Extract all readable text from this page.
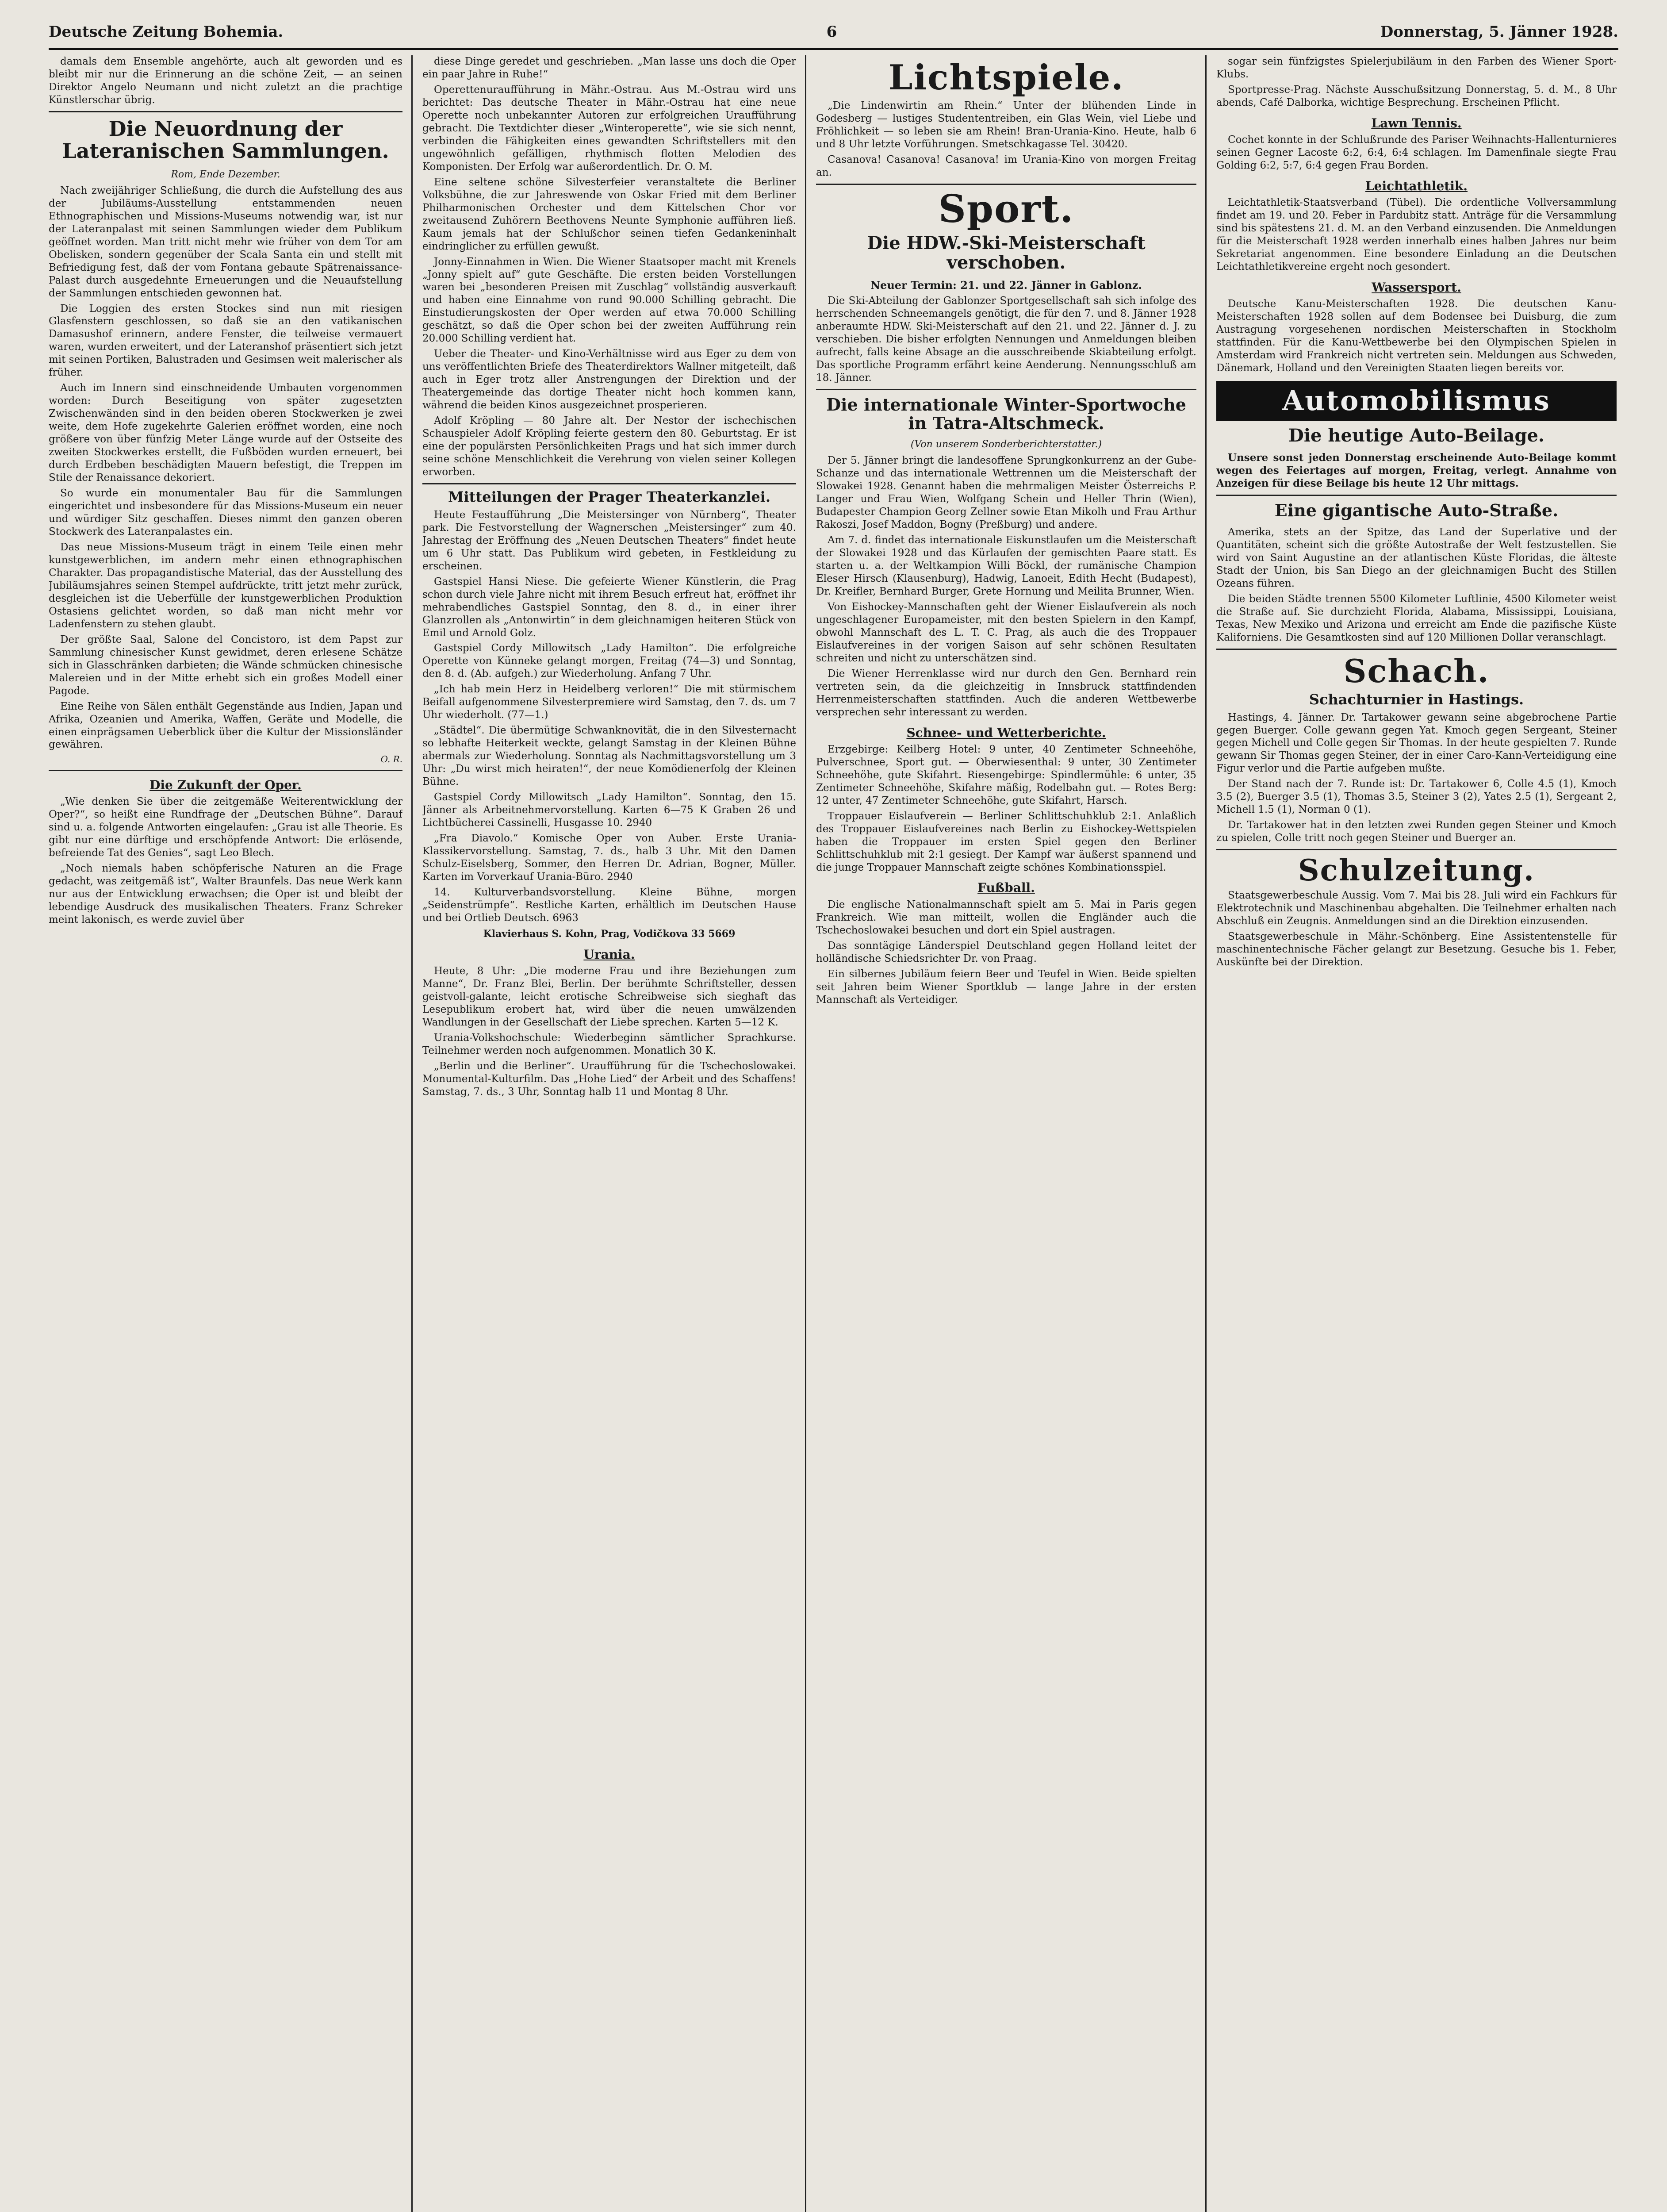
Deutsche Zeitung Bohemia.	6	Donnerstag, 5. Jänner 1928.

damals dem Ensemble angehörte, auch alt geworden und es bleibt mir nur die Erinnerung an die schöne Zeit, — an seinen Direktor Angelo Neumann und nicht zuletzt an die prachtige Künstlerschar übrig.

Die Neuordnung der Lateranischen Sammlungen.
Rom, Ende Dezember.

Nach zweijähriger Schließung, die durch die Aufstellung des aus der Jubiläums-Ausstellung entstammenden neuen Ethnographischen und Missions-Museums notwendig war, ist nur der Lateranpalast mit seinen Sammlungen wieder dem Publikum geöffnet worden. Man tritt nicht mehr wie früher von dem Tor am Obelisken, sondern gegenüber der Scala Santa ein und stellt mit Befriedigung fest, daß der vom Fontana gebaute Spätrenaissance-Palast durch ausgedehnte Erneuerungen und die Neuaufstellung der Sammlungen entschieden gewonnen hat.

Die Loggien des ersten Stockes sind nun mit riesigen Glasfenstern geschlossen, so daß sie an den vatikanischen Damasushof erinnern, andere Fenster, die teilweise vermauert waren, wurden erweitert, und der Lateranshof präsentiert sich jetzt mit seinen Portiken, Balustraden und Gesimsen weit malerischer als früher.

Auch im Innern sind einschneidende Umbauten vorgenommen worden: Durch Beseitigung von später zugesetzten Zwischenwänden sind in den beiden oberen Stockwerken je zwei weite, dem Hofe zugekehrte Galerien eröffnet worden, eine noch größere von über fünfzig Meter Länge wurde auf der Ostseite des zweiten Stockwerkes erstellt, die Fußböden wurden erneuert, bei durch Erdbeben beschädigten Mauern befestigt, die Treppen im Stile der Renaissance dekoriert.

So wurde ein monumentaler Bau für die Sammlungen eingerichtet und insbesondere für das Missions-Museum ein neuer und würdiger Sitz geschaffen. Dieses nimmt den ganzen oberen Stockwerk des Lateranpalastes ein.

Das neue Missions-Museum trägt in einem Teile einen mehr kunstgewerblichen, im andern mehr einen ethnographischen Charakter. Das propagandistische Material, das der Ausstellung des Jubiläumsjahres seinen Stempel aufdrückte, tritt jetzt mehr zurück, desgleichen ist die Ueberfülle der kunstgewerblichen Produktion Ostasiens gelichtet worden, so daß man nicht mehr vor Ladenfenstern zu stehen glaubt.

Der größte Saal, Salone del Concistoro, ist dem Papst zur Sammlung chinesischer Kunst gewidmet, deren erlesene Schätze sich in Glasschränken darbieten; die Wände schmücken chinesische Malereien und in der Mitte erhebt sich ein großes Modell einer Pagode.

Eine Reihe von Sälen enthält Gegenstände aus Indien, Japan und Afrika, Ozeanien und Amerika, Waffen, Geräte und Modelle, die einen einprägsamen Ueberblick über die Kultur der Missionsländer gewähren.

O. R.
Die Zukunft der Oper.

„Wie denken Sie über die zeitgemäße Weiterentwicklung der Oper?“, so heißt eine Rundfrage der „Deutschen Bühne“. Darauf sind u. a. folgende Antworten eingelaufen: „Grau ist alle Theorie. Es gibt nur eine dürftige und erschöpfende Antwort: Die erlösende, befreiende Tat des Genies“, sagt Leo Blech.

„Noch niemals haben schöpferische Naturen an die Frage gedacht, was zeitgemäß ist“, Walter Braunfels. Das neue Werk kann nur aus der Entwicklung erwachsen; die Oper ist und bleibt der lebendige Ausdruck des musikalischen Theaters. Franz Schreker meint lakonisch, es werde zuviel über

diese Dinge geredet und geschrieben. „Man lasse uns doch die Oper ein paar Jahre in Ruhe!“

Operettenuraufführung in Mähr.-Ostrau. Aus M.-Ostrau wird uns berichtet: Das deutsche Theater in Mähr.-Ostrau hat eine neue Operette noch unbekannter Autoren zur erfolgreichen Uraufführung gebracht. Die Textdichter dieser „Winteroperette“, wie sie sich nennt, verbinden die Fähigkeiten eines gewandten Schriftstellers mit den ungewöhnlich gefälligen, rhythmisch flotten Melodien des Komponisten. Der Erfolg war außerordentlich. Dr. O. M.

Eine seltene schöne Silvesterfeier veranstaltete die Berliner Volksbühne, die zur Jahreswende von Oskar Fried mit dem Berliner Philharmonischen Orchester und dem Kittelschen Chor vor zweitausend Zuhörern Beethovens Neunte Symphonie aufführen ließ. Kaum jemals hat der Schlußchor seinen tiefen Gedankeninhalt eindringlicher zu erfüllen gewußt.

Jonny-Einnahmen in Wien. Die Wiener Staatsoper macht mit Krenels „Jonny spielt auf“ gute Geschäfte. Die ersten beiden Vorstellungen waren bei „besonderen Preisen mit Zuschlag“ vollständig ausverkauft und haben eine Einnahme von rund 90.000 Schilling gebracht. Die Einstudierungskosten der Oper werden auf etwa 70.000 Schilling geschätzt, so daß die Oper schon bei der zweiten Aufführung rein 20.000 Schilling verdient hat.

Ueber die Theater- und Kino-Verhältnisse wird aus Eger zu dem von uns veröffentlichten Briefe des Theaterdirektors Wallner mitgeteilt, daß auch in Eger trotz aller Anstrengungen der Direktion und der Theatergemeinde das dortige Theater nicht hoch kommen kann, während die beiden Kinos ausgezeichnet prosperieren.

Adolf Kröpling — 80 Jahre alt. Der Nestor der ischechischen Schauspieler Adolf Kröpling feierte gestern den 80. Geburtstag. Er ist eine der populärsten Persönlichkeiten Prags und hat sich immer durch seine schöne Menschlichkeit die Verehrung von vielen seiner Kollegen erworben.

Mitteilungen der Prager Theaterkanzlei.

Heute Festaufführung „Die Meistersinger von Nürnberg“, Theater park. Die Festvorstellung der Wagnerschen „Meistersinger“ zum 40. Jahrestag der Eröffnung des „Neuen Deutschen Theaters“ findet heute um 6 Uhr statt. Das Publikum wird gebeten, in Festkleidung zu erscheinen.

Gastspiel Hansi Niese. Die gefeierte Wiener Künstlerin, die Prag schon durch viele Jahre nicht mit ihrem Besuch erfreut hat, eröffnet ihr mehrabendliches Gastspiel Sonntag, den 8. d., in einer ihrer Glanzrollen als „Antonwirtin“ in dem gleichnamigen heiteren Stück von Emil und Arnold Golz.

Gastspiel Cordy Millowitsch „Lady Hamilton“. Die erfolgreiche Operette von Künneke gelangt morgen, Freitag (74—3) und Sonntag, den 8. d. (Ab. aufgeh.) zur Wiederholung. Anfang 7 Uhr.

„Ich hab mein Herz in Heidelberg verloren!“ Die mit stürmischem Beifall aufgenommene Silvesterpremiere wird Samstag, den 7. ds. um 7 Uhr wiederholt. (77—1.)

„Städtel“. Die übermütige Schwanknovität, die in den Silvesternacht so lebhafte Heiterkeit weckte, gelangt Samstag in der Kleinen Bühne abermals zur Wiederholung. Sonntag als Nachmittagsvorstellung um 3 Uhr: „Du wirst mich heiraten!“, der neue Komödienerfolg der Kleinen Bühne.

Gastspiel Cordy Millowitsch „Lady Hamilton“. Sonntag, den 15. Jänner als Arbeitnehmervorstellung. Karten 6—75 K Graben 26 und Lichtbücherei Cassinelli, Husgasse 10. 2940

„Fra Diavolo.“ Komische Oper von Auber. Erste Urania-Klassikervorstellung. Samstag, 7. ds., halb 3 Uhr. Mit den Damen Schulz-Eiselsberg, Sommer, den Herren Dr. Adrian, Bogner, Müller. Karten im Vorverkauf Urania-Büro. 2940

14. Kulturverbandsvorstellung. Kleine Bühne, morgen „Seidenstrümpfe“. Restliche Karten, erhältlich im Deutschen Hause und bei Ortlieb Deutsch. 6963

Klavierhaus S. Kohn, Prag, Vodičkova 33 5669
Urania.

Heute, 8 Uhr: „Die moderne Frau und ihre Beziehungen zum Manne“, Dr. Franz Blei, Berlin. Der berühmte Schriftsteller, dessen geistvoll-galante, leicht erotische Schreibweise sich sieghaft das Lesepublikum erobert hat, wird über die neuen umwälzenden Wandlungen in der Gesellschaft der Liebe sprechen. Karten 5—12 K.

Urania-Volkshochschule: Wiederbeginn sämtlicher Sprachkurse. Teilnehmer werden noch aufgenommen. Monatlich 30 K.

„Berlin und die Berliner“. Uraufführung für die Tschechoslowakei. Monumental-Kulturfilm. Das „Hohe Lied“ der Arbeit und des Schaffens! Samstag, 7. ds., 3 Uhr, Sonntag halb 11 und Montag 8 Uhr.

Lichtspiele.

„Die Lindenwirtin am Rhein.“ Unter der blühenden Linde in Godesberg — lustiges Studententreiben, ein Glas Wein, viel Liebe und Fröhlichkeit — so leben sie am Rhein! Bran-Urania-Kino. Heute, halb 6 und 8 Uhr letzte Vorführungen. Smetschkagasse Tel. 30420.

Casanova! Casanova! Casanova! im Urania-Kino von morgen Freitag an.

Sport.
Die HDW.-Ski-Meisterschaft verschoben.
Neuer Termin: 21. und 22. Jänner in Gablonz.

Die Ski-Abteilung der Gablonzer Sportgesellschaft sah sich infolge des herrschenden Schneemangels genötigt, die für den 7. und 8. Jänner 1928 anberaumte HDW. Ski-Meisterschaft auf den 21. und 22. Jänner d. J. zu verschieben. Die bisher erfolgten Nennungen und Anmeldungen bleiben aufrecht, falls keine Absage an die ausschreibende Skiabteilung erfolgt. Das sportliche Programm erfährt keine Aenderung. Nennungsschluß am 18. Jänner.

Die internationale Winter-Sportwoche in Tatra-Altschmeck.
(Von unserem Sonderberichterstatter.)

Der 5. Jänner bringt die landesoffene Sprungkonkurrenz an der Gube-Schanze und das internationale Wettrennen um die Meisterschaft der Slowakei 1928. Genannt haben die mehrmaligen Meister Österreichs P. Langer und Frau Wien, Wolfgang Schein und Heller Thrin (Wien), Budapester Champion Georg Zellner sowie Etan Mikolh und Frau Arthur Rakoszi, Josef Maddon, Bogny (Preßburg) und andere.

Am 7. d. findet das internationale Eiskunstlaufen um die Meisterschaft der Slowakei 1928 und das Kürlaufen der gemischten Paare statt. Es starten u. a. der Weltkampion Willi Böckl, der rumänische Champion Eleser Hirsch (Klausenburg), Hadwig, Lanoeit, Edith Hecht (Budapest), Dr. Kreifler, Bernhard Burger, Grete Hornung und Meilita Brunner, Wien.

Von Eishockey-Mannschaften geht der Wiener Eislaufverein als noch ungeschlagener Europameister, mit den besten Spielern in den Kampf, obwohl Mannschaft des L. T. C. Prag, als auch die des Troppauer Eislaufvereines in der vorigen Saison auf sehr schönen Resultaten schreiten und nicht zu unterschätzen sind.

Die Wiener Herrenklasse wird nur durch den Gen. Bernhard rein vertreten sein, da die gleichzeitig in Innsbruck stattfindenden Herrenmeisterschaften stattfinden. Auch die anderen Wettbewerbe versprechen sehr interessant zu werden.

Schnee- und Wetterberichte.

Erzgebirge: Keilberg Hotel: 9 unter, 40 Zentimeter Schneehöhe, Pulverschnee, Sport gut. — Oberwiesenthal: 9 unter, 30 Zentimeter Schneehöhe, gute Skifahrt. Riesengebirge: Spindlermühle: 6 unter, 35 Zentimeter Schneehöhe, Skifahre mäßig, Rodelbahn gut. — Rotes Berg: 12 unter, 47 Zentimeter Schneehöhe, gute Skifahrt, Harsch.

Troppauer Eislaufverein — Berliner Schlittschuhklub 2:1. Anlaßlich des Troppauer Eislaufvereines nach Berlin zu Eishockey-Wettspielen haben die Troppauer im ersten Spiel gegen den Berliner Schlittschuhklub mit 2:1 gesiegt. Der Kampf war äußerst spannend und die junge Troppauer Mannschaft zeigte schönes Kombinationsspiel.

Fußball.

Die englische Nationalmannschaft spielt am 5. Mai in Paris gegen Frankreich. Wie man mitteilt, wollen die Engländer auch die Tschechoslowakei besuchen und dort ein Spiel austragen.

Das sonntägige Länderspiel Deutschland gegen Holland leitet der holländische Schiedsrichter Dr. von Praag.

Ein silbernes Jubiläum feiern Beer und Teufel in Wien. Beide spielten seit Jahren beim Wiener Sportklub — lange Jahre in der ersten Mannschaft als Verteidiger.

sogar sein fünfzigstes Spielerjubiläum in den Farben des Wiener Sport-Klubs.

Sportpresse-Prag. Nächste Ausschußsitzung Donnerstag, 5. d. M., 8 Uhr abends, Café Dalborka, wichtige Besprechung. Erscheinen Pflicht.

Lawn Tennis.

Cochet konnte in der Schlußrunde des Pariser Weihnachts-Hallenturnieres seinen Gegner Lacoste 6:2, 6:4, 6:4 schlagen. Im Damenfinale siegte Frau Golding 6:2, 5:7, 6:4 gegen Frau Borden.

Leichtathletik.

Leichtathletik-Staatsverband (Tübel). Die ordentliche Vollversammlung findet am 19. und 20. Feber in Pardubitz statt. Anträge für die Versammlung sind bis spätestens 21. d. M. an den Verband einzusenden. Die Anmeldungen für die Meisterschaft 1928 werden innerhalb eines halben Jahres nur beim Sekretariat angenommen. Eine besondere Einladung an die Deutschen Leichtathletikvereine ergeht noch gesondert.

Wassersport.

Deutsche Kanu-Meisterschaften 1928. Die deutschen Kanu-Meisterschaften 1928 sollen auf dem Bodensee bei Duisburg, die zum Austragung vorgesehenen nordischen Meisterschaften in Stockholm stattfinden. Für die Kanu-Wettbewerbe bei den Olympischen Spielen in Amsterdam wird Frankreich nicht vertreten sein. Meldungen aus Schweden, Dänemark, Holland und den Vereinigten Staaten liegen bereits vor.

Automobilismus
Die heutige Auto-Beilage.

Unsere sonst jeden Donnerstag erscheinende Auto-Beilage kommt wegen des Feiertages auf morgen, Freitag, verlegt. Annahme von Anzeigen für diese Beilage bis heute 12 Uhr mittags.

Eine gigantische Auto-Straße.

Amerika, stets an der Spitze, das Land der Superlative und der Quantitäten, scheint sich die größte Autostraße der Welt festzustellen. Sie wird von Saint Augustine an der atlantischen Küste Floridas, die älteste Stadt der Union, bis San Diego an der gleichnamigen Bucht des Stillen Ozeans führen.

Die beiden Städte trennen 5500 Kilometer Luftlinie, 4500 Kilometer weist die Straße auf. Sie durchzieht Florida, Alabama, Mississippi, Louisiana, Texas, New Mexiko und Arizona und erreicht am Ende die pazifische Küste Kaliforniens. Die Gesamtkosten sind auf 120 Millionen Dollar veranschlagt.

Schach.
Schachturnier in Hastings.

Hastings, 4. Jänner. Dr. Tartakower gewann seine abgebrochene Partie gegen Buerger. Colle gewann gegen Yat. Kmoch gegen Sergeant, Steiner gegen Michell und Colle gegen Sir Thomas. In der heute gespielten 7. Runde gewann Sir Thomas gegen Steiner, der in einer Caro-Kann-Verteidigung eine Figur verlor und die Partie aufgeben mußte.

Der Stand nach der 7. Runde ist: Dr. Tartakower 6, Colle 4.5 (1), Kmoch 3.5 (2), Buerger 3.5 (1), Thomas 3.5, Steiner 3 (2), Yates 2.5 (1), Sergeant 2, Michell 1.5 (1), Norman 0 (1).

Dr. Tartakower hat in den letzten zwei Runden gegen Steiner und Kmoch zu spielen, Colle tritt noch gegen Steiner und Buerger an.

Schulzeitung.

Staatsgewerbeschule Aussig. Vom 7. Mai bis 28. Juli wird ein Fachkurs für Elektrotechnik und Maschinenbau abgehalten. Die Teilnehmer erhalten nach Abschluß ein Zeugnis. Anmeldungen sind an die Direktion einzusenden.

Staatsgewerbeschule in Mähr.-Schönberg. Eine Assistentenstelle für maschinentechnische Fächer gelangt zur Besetzung. Gesuche bis 1. Feber, Auskünfte bei der Direktion.
